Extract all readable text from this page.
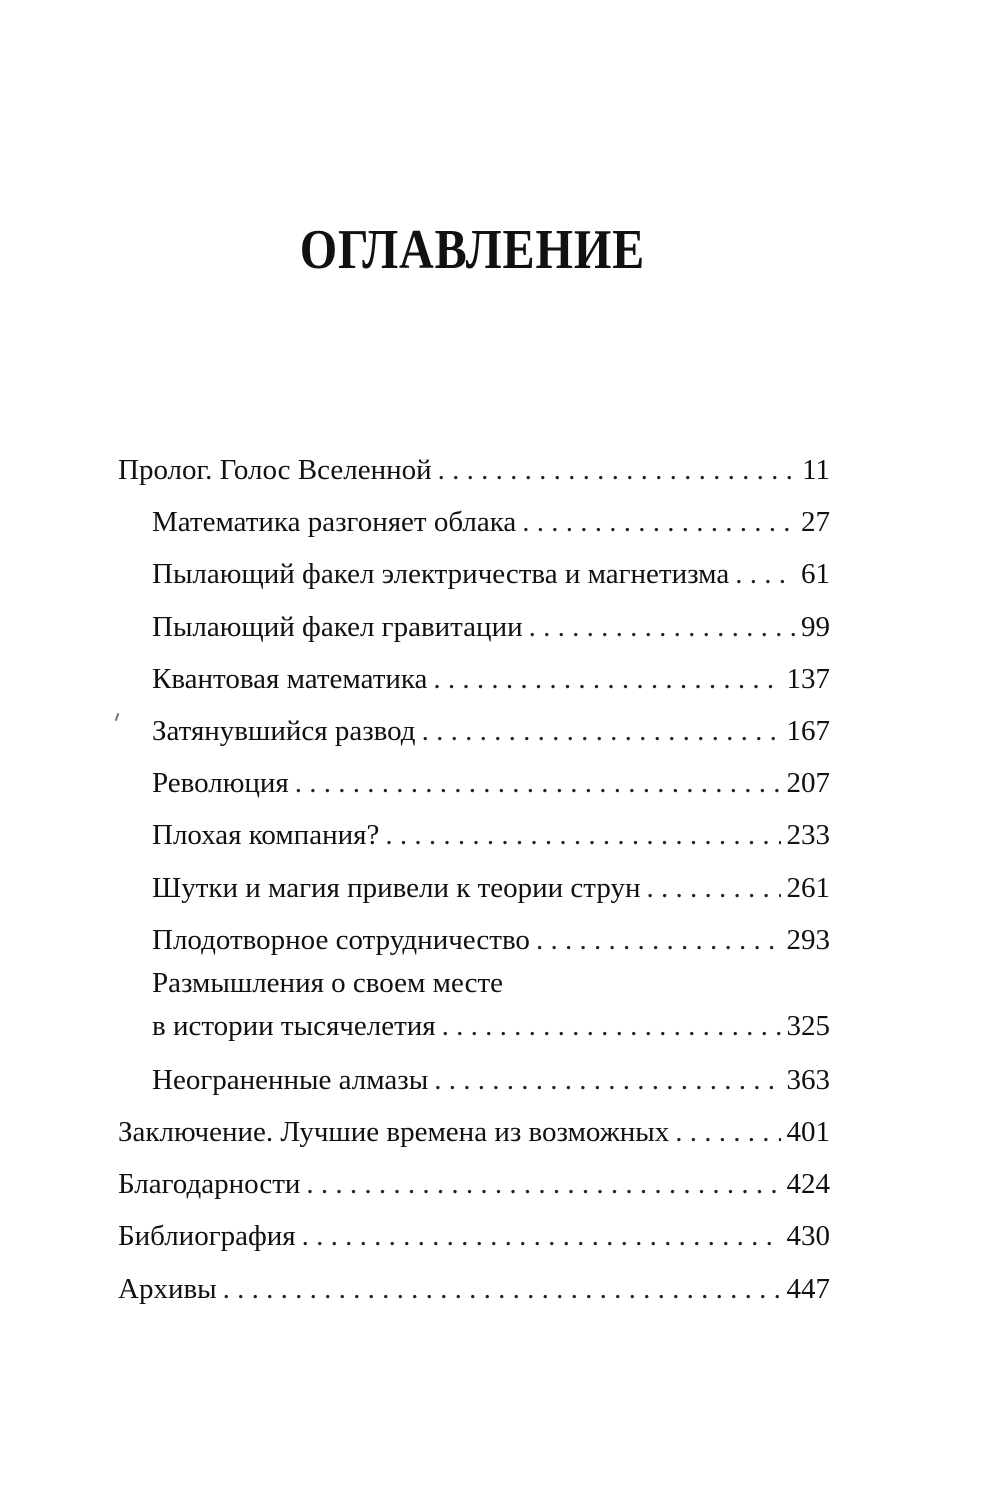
ОГЛАВЛЕНИЕ
Пролог. Голос Вселенной . . .	11
Математика разгоняет облака . . .	27
Пылающий факел электричества и магнетизма . . . 61
Пылающий факел гравитации . . .	99
Квантовая математика . . .	137
Затянувшийся развод . . .	167
Революция . . .	207
Плохая компания? . . .	233
Шутки и магия привели к теории струн . . .	261
Плодотворное сотрудничество . . .	293
Размышления о своем месте
в истории тысячелетия . . .	325
Неограненные алмазы . . .	363
Заключение. Лучшие времена из возможных . . .	401
Благодарности . . .	424
Библиография . . .	430
Архивы . . .	447
